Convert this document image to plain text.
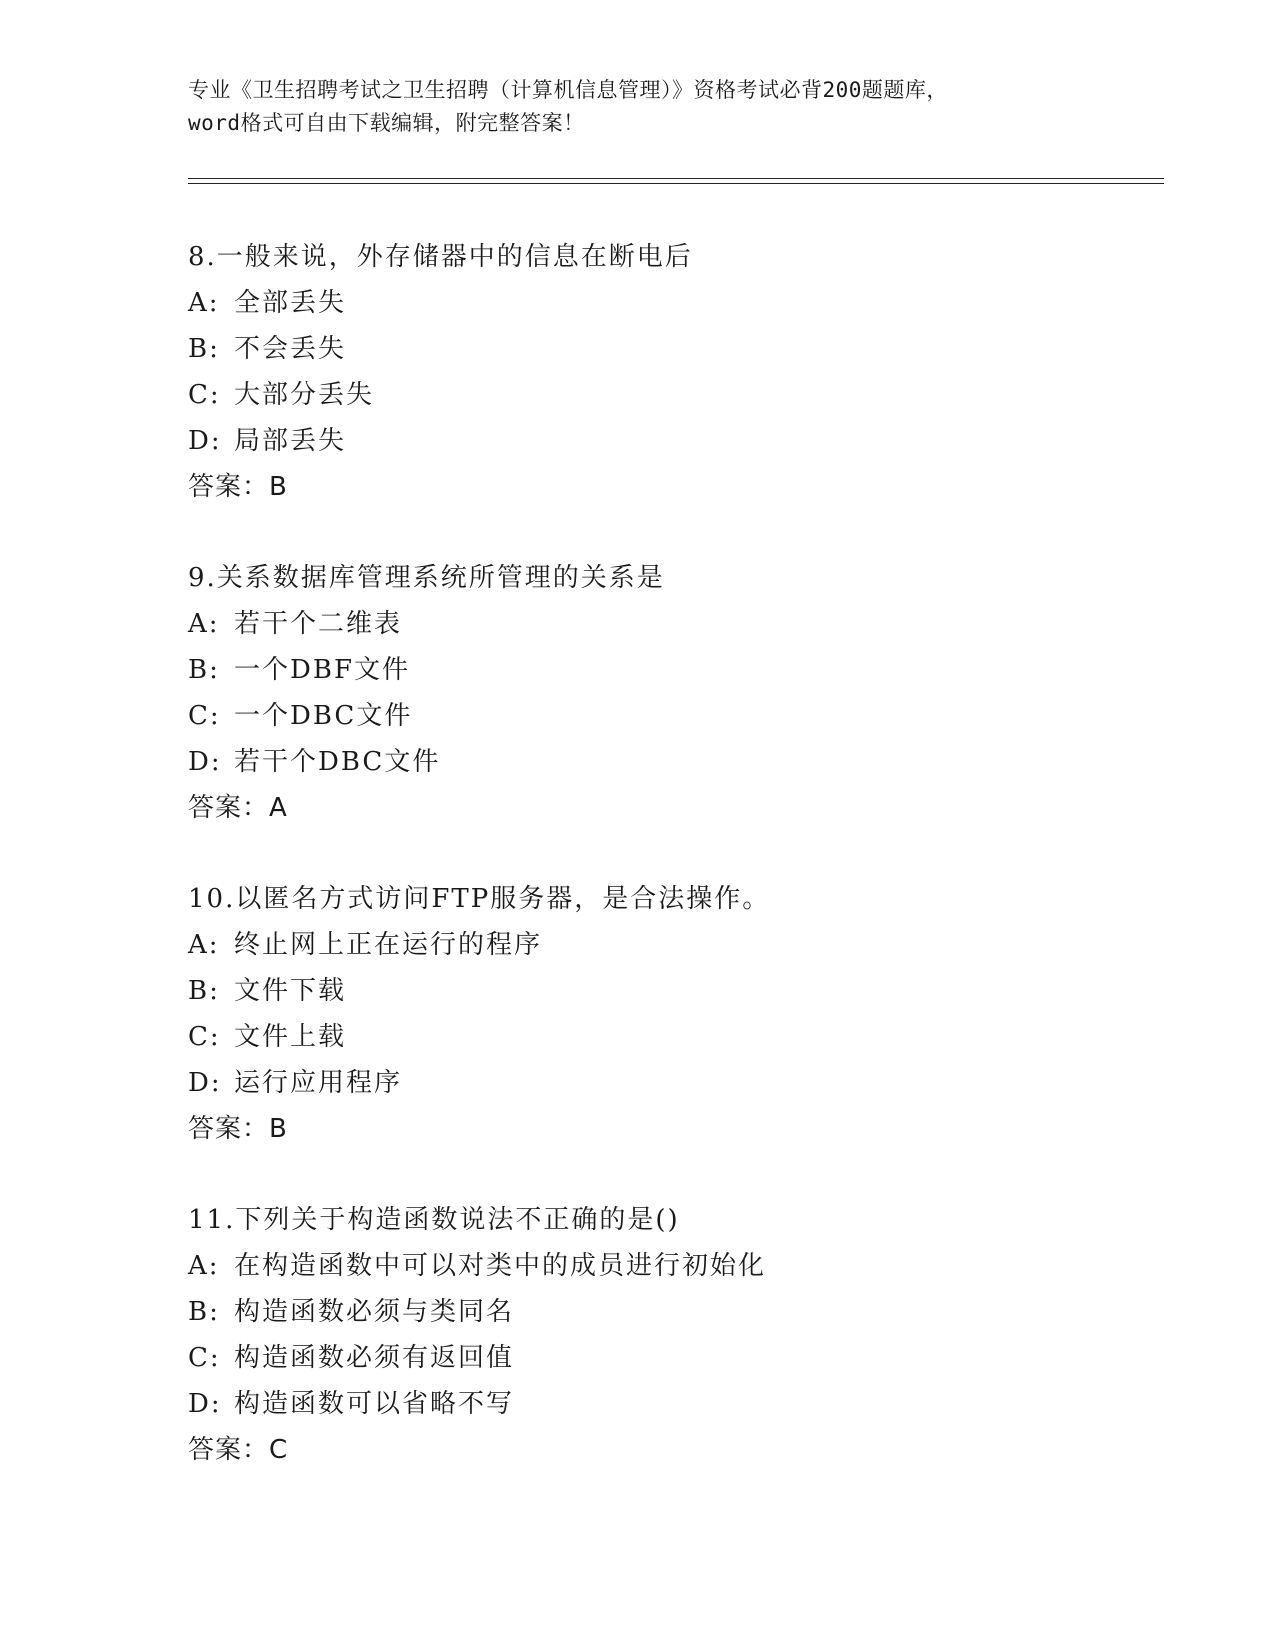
专业《卫生招聘考试之卫生招聘（计算机信息管理）》资格考试必背200题题库，
word格式可自由下载编辑，附完整答案！
8.一般来说，外存储器中的信息在断电后
A: 全部丢失
B: 不会丢失
C: 大部分丢失
D: 局部丢失
答案：B
9.关系数据库管理系统所管理的关系是
A: 若干个二维表
B: 一个DBF文件
C: 一个DBC文件
D: 若干个DBC文件
答案：A
10.以匿名方式访问FTP服务器，是合法操作。
A: 终止网上正在运行的程序
B: 文件下载
C: 文件上载
D: 运行应用程序
答案：B
11.下列关于构造函数说法不正确的是()
A: 在构造函数中可以对类中的成员进行初始化
B: 构造函数必须与类同名
C: 构造函数必须有返回值
D: 构造函数可以省略不写
答案：C
